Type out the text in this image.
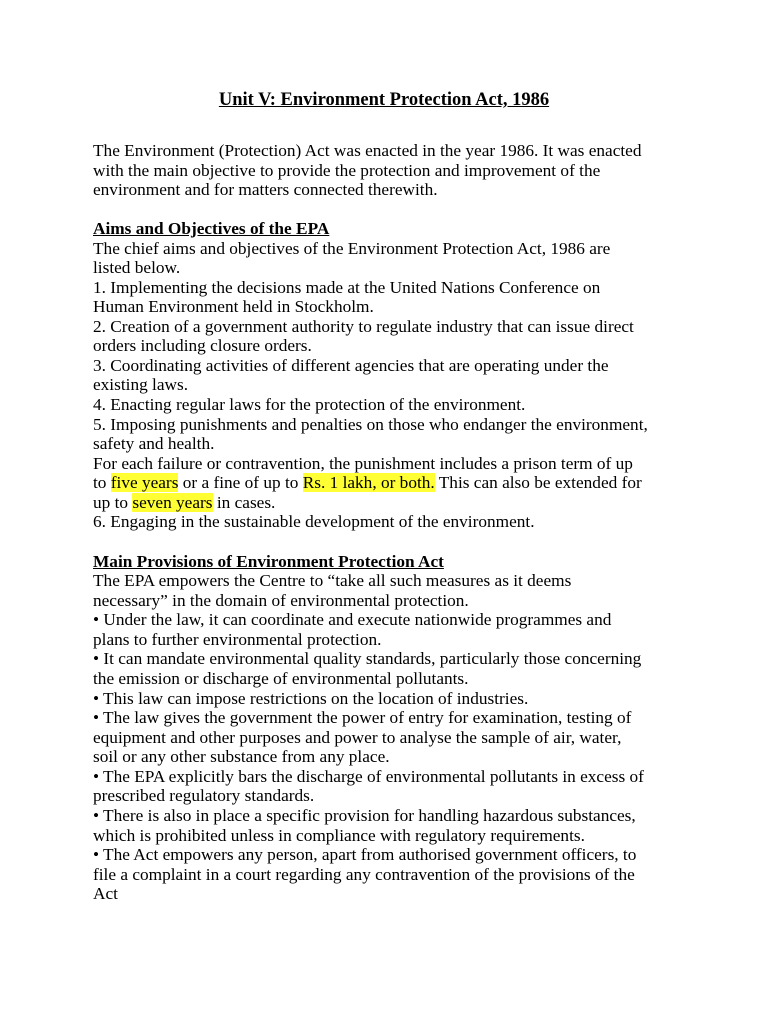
Unit V: Environment Protection Act, 1986

The Environment (Protection) Act was enacted in the year 1986. It was enacted

with the main objective to provide the protection and improvement of the

environment and for matters connected therewith.

Aims and Objectives of the EPA

The chief aims and objectives of the Environment Protection Act, 1986 are

listed below.

1. Implementing the decisions made at the United Nations Conference on

Human Environment held in Stockholm.

2. Creation of a government authority to regulate industry that can issue direct

orders including closure orders.

3. Coordinating activities of different agencies that are operating under the

existing laws.

4. Enacting regular laws for the protection of the environment.

5. Imposing punishments and penalties on those who endanger the environment,

safety and health.

For each failure or contravention, the punishment includes a prison term of up

to five years or a fine of up to Rs. 1 lakh, or both. This can also be extended for

up to seven years in cases.

6. Engaging in the sustainable development of the environment.

Main Provisions of Environment Protection Act

The EPA empowers the Centre to “take all such measures as it deems

necessary” in the domain of environmental protection.

• Under the law, it can coordinate and execute nationwide programmes and

plans to further environmental protection.

• It can mandate environmental quality standards, particularly those concerning

the emission or discharge of environmental pollutants.

• This law can impose restrictions on the location of industries.

• The law gives the government the power of entry for examination, testing of

equipment and other purposes and power to analyse the sample of air, water,

soil or any other substance from any place.

• The EPA explicitly bars the discharge of environmental pollutants in excess of

prescribed regulatory standards.

• There is also in place a specific provision for handling hazardous substances,

which is prohibited unless in compliance with regulatory requirements.

• The Act empowers any person, apart from authorised government officers, to

file a complaint in a court regarding any contravention of the provisions of the

Act
